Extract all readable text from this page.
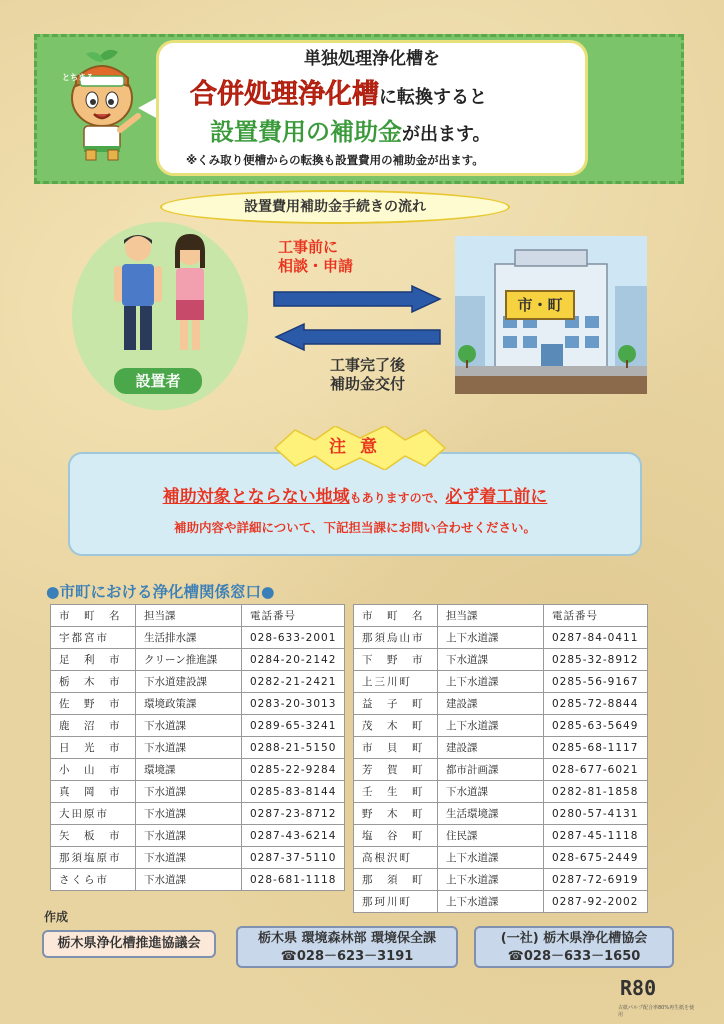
とちまる
単独処理浄化槽を
合併処理浄化槽に転換すると
設置費用の補助金が出ます。
※くみ取り便槽からの転換も設置費用の補助金が出ます。
設置費用補助金手続きの流れ
設置者
工事前に
相談・申請
工事完了後
補助金交付
市・町
注意
補助対象とならない地域もありますので、必ず着工前に
補助内容や詳細について、下記担当課にお問い合わせください。
●市町における浄化槽関係窓口●
市　町　名	担当課	電話番号
宇都宮市	生活排水課	028-633-2001
足　利　市	クリーン推進課	0284-20-2142
栃　木　市	下水道建設課	0282-21-2421
佐　野　市	環境政策課	0283-20-3013
鹿　沼　市	下水道課	0289-65-3241
日　光　市	下水道課	0288-21-5150
小　山　市	環境課	0285-22-9284
真　岡　市	下水道課	0285-83-8144
大田原市	下水道課	0287-23-8712
矢　板　市	下水道課	0287-43-6214
那須塩原市	下水道課	0287-37-5110
さくら市	下水道課	028-681-1118
市　町　名	担当課	電話番号
那須烏山市	上下水道課	0287-84-0411
下　野　市	下水道課	0285-32-8912
上三川町	上下水道課	0285-56-9167
益　子　町	建設課	0285-72-8844
茂　木　町	上下水道課	0285-63-5649
市　貝　町	建設課	0285-68-1117
芳　賀　町	都市計画課	028-677-6021
壬　生　町	下水道課	0282-81-1858
野　木　町	生活環境課	0280-57-4131
塩　谷　町	住民課	0287-45-1118
高根沢町	上下水道課	028-675-2449
那　須　町	上下水道課	0287-72-6919
那珂川町	上下水道課	0287-92-2002
作成
栃木県浄化槽推進協議会	栃木県 環境森林部 環境保全課
☎028－623－3191
(一社) 栃木県浄化槽協会
☎028－633－1650
R80
古紙パルプ配合率80%再生紙を使用
